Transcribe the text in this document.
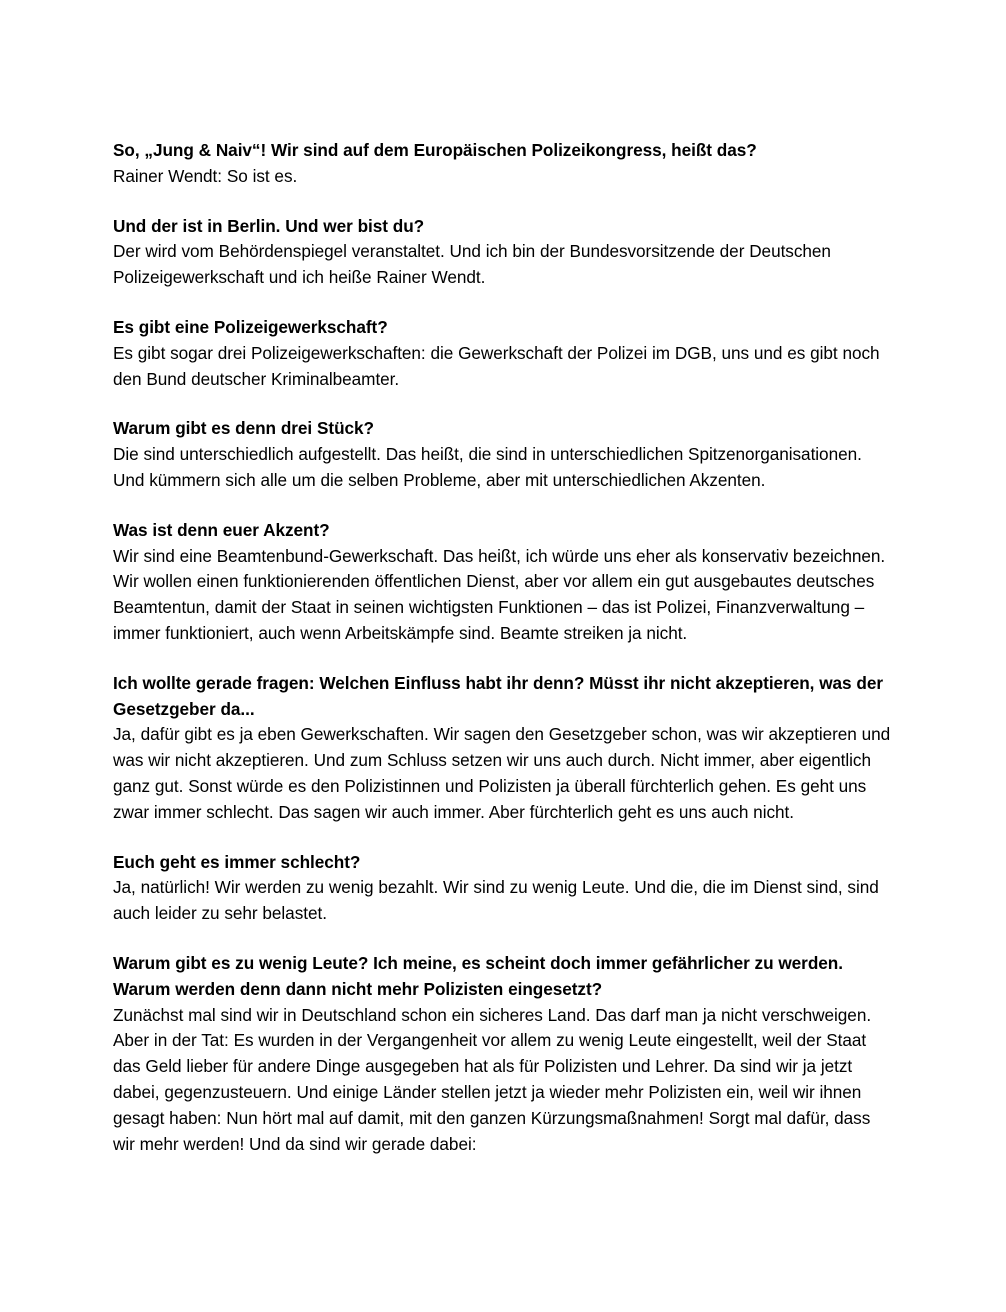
So, „Jung & Naiv“! Wir sind auf dem Europäischen Polizeikongress, heißt das?

Rainer Wendt: So ist es.

Und der ist in Berlin. Und wer bist du?

Der wird vom Behördenspiegel veranstaltet. Und ich bin der Bundesvorsitzende der Deutschen Polizeigewerkschaft und ich heiße Rainer Wendt.

Es gibt eine Polizeigewerkschaft?

Es gibt sogar drei Polizeigewerkschaften: die Gewerkschaft der Polizei im DGB, uns und es gibt noch den Bund deutscher Kriminalbeamter.

Warum gibt es denn drei Stück?

Die sind unterschiedlich aufgestellt. Das heißt, die sind in unterschiedlichen Spitzenorganisationen. Und kümmern sich alle um die selben Probleme, aber mit unterschiedlichen Akzenten.

Was ist denn euer Akzent?

Wir sind eine Beamtenbund-Gewerkschaft. Das heißt, ich würde uns eher als konservativ bezeichnen. Wir wollen einen funktionierenden öffentlichen Dienst, aber vor allem ein gut ausgebautes deutsches Beamtentun, damit der Staat in seinen wichtigsten Funktionen – das ist Polizei, Finanzverwaltung – immer funktioniert, auch wenn Arbeitskämpfe sind. Beamte streiken ja nicht.

Ich wollte gerade fragen: Welchen Einfluss habt ihr denn? Müsst ihr nicht akzeptieren, was der Gesetzgeber da...

Ja, dafür gibt es ja eben Gewerkschaften. Wir sagen den Gesetzgeber schon, was wir akzeptieren und was wir nicht akzeptieren. Und zum Schluss setzen wir uns auch durch. Nicht immer, aber eigentlich ganz gut. Sonst würde es den Polizistinnen und Polizisten ja überall fürchterlich gehen. Es geht uns zwar immer schlecht. Das sagen wir auch immer. Aber fürchterlich geht es uns auch nicht.

Euch geht es immer schlecht?

Ja, natürlich! Wir werden zu wenig bezahlt. Wir sind zu wenig Leute. Und die, die im Dienst sind, sind auch leider zu sehr belastet.

Warum gibt es zu wenig Leute? Ich meine, es scheint doch immer gefährlicher zu werden. Warum werden denn dann nicht mehr Polizisten eingesetzt?

Zunächst mal sind wir in Deutschland schon ein sicheres Land. Das darf man ja nicht verschweigen. Aber in der Tat: Es wurden in der Vergangenheit vor allem zu wenig Leute eingestellt, weil der Staat das Geld lieber für andere Dinge ausgegeben hat als für Polizisten und Lehrer. Da sind wir ja jetzt dabei, gegenzusteuern. Und einige Länder stellen jetzt ja wieder mehr Polizisten ein, weil wir ihnen gesagt haben: Nun hört mal auf damit, mit den ganzen Kürzungsmaßnahmen! Sorgt mal dafür, dass wir mehr werden! Und da sind wir gerade dabei:
